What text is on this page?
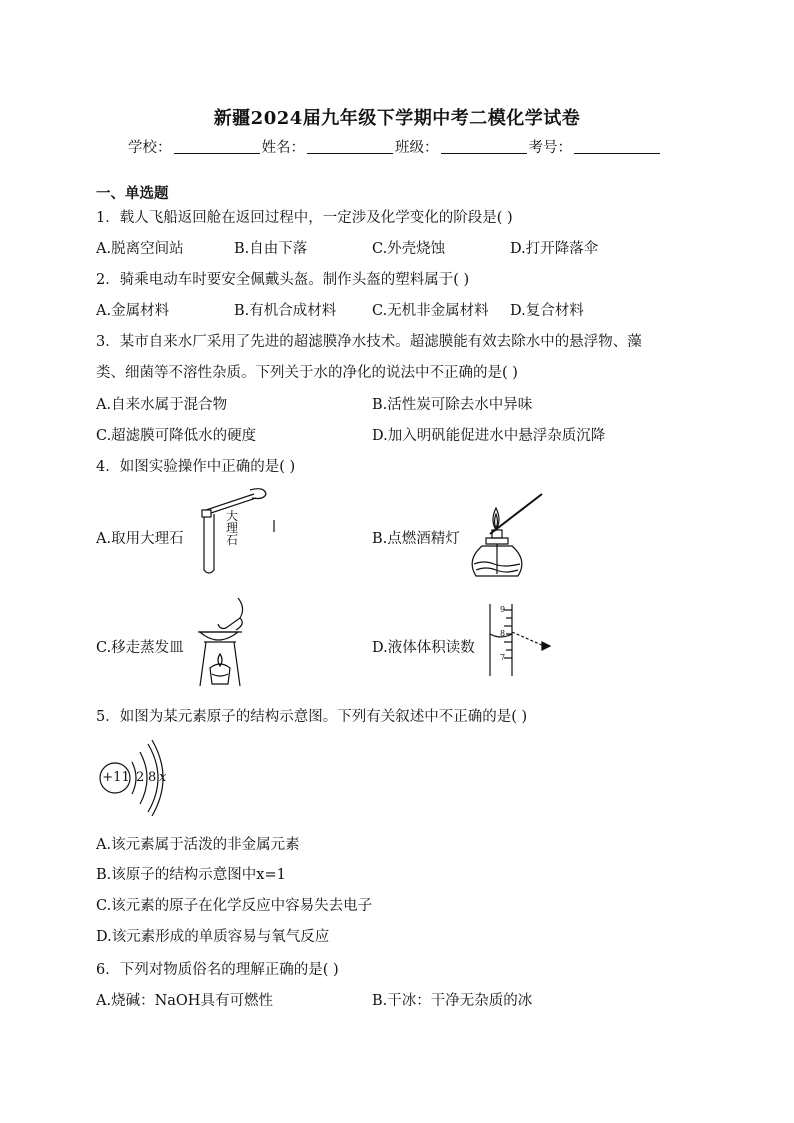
新疆2024届九年级下学期中考二模化学试卷
学校：	姓名：	班级：	考号：
一、单选题
1．载人飞船返回舱在返回过程中，一定涉及化学变化的阶段是( )
A.脱离空间站	B.自由下落	C.外壳烧蚀	D.打开降落伞
2．骑乘电动车时要安全佩戴头盔。制作头盔的塑料属于( )
A.金属材料	B.有机合成材料 C.无机非金属材料 D.复合材料
3．某市自来水厂采用了先进的超滤膜净水技术。超滤膜能有效去除水中的悬浮物、藻
类、细菌等不溶性杂质。下列关于水的净化的说法中不正确的是( )
A.自来水属于混合物	B.活性炭可除去水中异味
C.超滤膜可降低水的硬度	D.加入明矾能促进水中悬浮杂质沉降
4．如图实验操作中正确的是( )
A.取用大理石	B.点燃酒精灯
C.移走蒸发皿	D.液体体积读数
大
理
石
9
8
7
5．如图为某元素原子的结构示意图。下列有关叙述中不正确的是( )
+11 2 8 x
A.该元素属于活泼的非金属元素
B.该原子的结构示意图中x=1
C.该元素的原子在化学反应中容易失去电子
D.该元素形成的单质容易与氧气反应
6．下列对物质俗名的理解正确的是( )
A.烧碱：NaOH具有可燃性	B.干冰：干净无杂质的冰
